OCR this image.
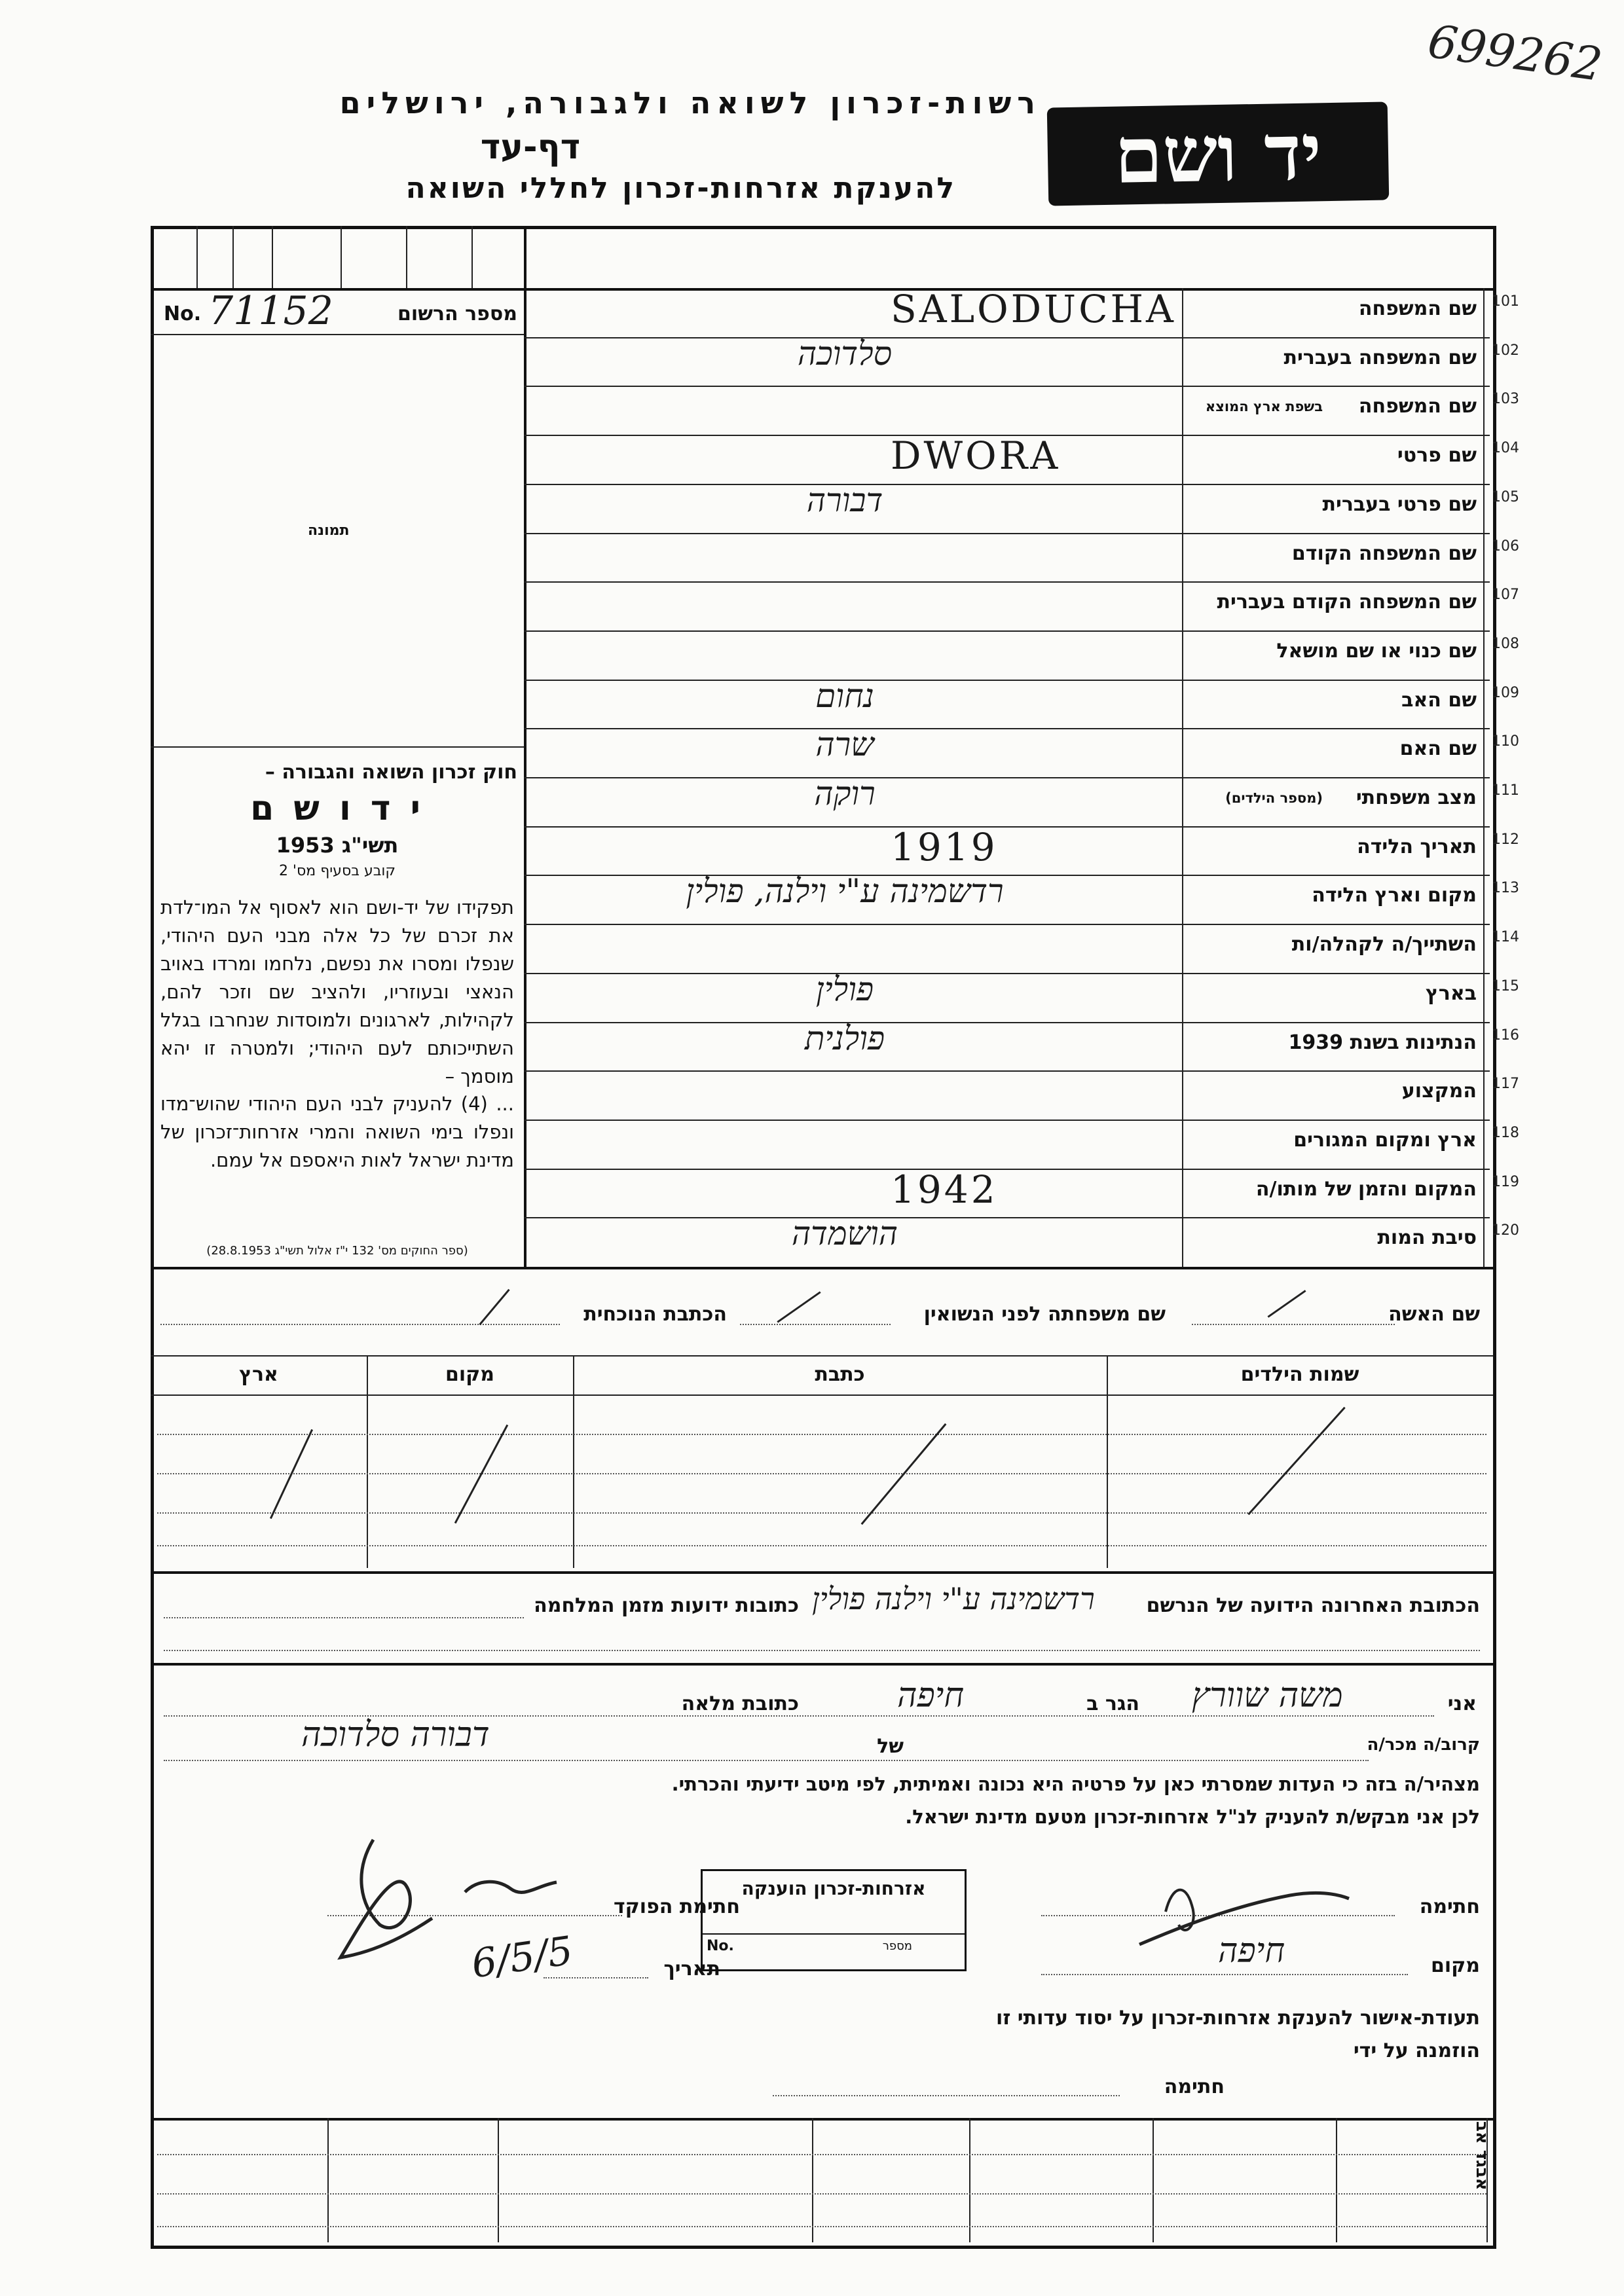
699262
רשות-זכרון לשואה ולגבורה, ירושלים
דף-עד
להענקת אזרחות-זכרון לחללי השואה	יד ושם
No. 71152	מספר הרשום
תמונה
חוק זכרון השואה והגבורה –
י ד ו ש ם
תשי"ג 1953
קובע בסעיף מס' 2
תפקידו של יד-ושם הוא לאסוף אל המו־לדת את זכרם של כל אלה מבני העם היהודי, שנפלו ומסרו את נפשם, נלחמו ומרדו באויב הנאצי ובעוזריו, ולהציב שם וזכר להם, לקהילות, לארגונים ולמוסדות שנחרבו בגלל השתייכותם לעם היהודי; ולמטרה זו יהא מוסמך –
... (4) להעניק לבני העם היהודי שהוש־מדו ונפלו בימי השואה והמרי אזרחות־זכרון של מדינת ישראל לאות היאספם אל עמם.
(ספר החוקים מס' 132 י"ז אלול תשי"ג 28.8.1953)
שם המשפחה 101
SALODUCHA
שם המשפחה בעברית 102
סלדוכה
שם המשפחה
בשפת ארץ המוצא	103
שם פרטי 104
DWORA
שם פרטי בעברית 105
דבורה
שם המשפחה הקודם 106
שם המשפחה הקודם בעברית 107
שם כנוי או שם מושאל 108
שם האב 109
נחום
שם האם 110
שרה
מצב משפחתי
(מספר הילדים)	111
רוקה
תאריך הלידה 112
1919
מקום וארץ הלידה 113
רדשמינה ע"י וילנה, פולין
השתייך/ה לקהלה/ות 114
בארץ 115
פולין
הנתינות בשנת 1939 116
פולנית
המקצוע 117
ארץ ומקום המגורים 118
המקום והזמן של מותו/ה 119
1942
סיבת המות 120
הושמדה
שם האשה
שם משפחתה לפני הנשואין
הכתבת הנוכחית
שמות הילדים
כתבת
מקום
ארץ
הכתובת האחרונה הידועה של הנרשם
רדשמינה ע"י וילנה פולין
כתובות ידועות מזמן המלחמה
אני
משה שוורץ
הגר ב
חיפה
כתובת מלאה
קרוב/ה מכר/ה
של
דבורה סלדוכה
מצהיר/ה בזה כי העדות שמסרתי כאן על פרטיה היא נכונה ואמיתית, לפי מיטב ידיעתי והכרתי.
לכן אני מבקש/ת להעניק לנ"ל אזרחות-זכרון מטעם מדינת ישראל.
חתימה
מקום
חיפה
חתימת הפוקד
תאריך
6/5/5
אזרחות-זכרון הוענקה
No.	מספר
תעודת-אישור להענקת אזרחות-זכרון על יסוד עדותי זו
הוזמנה על ידי
חתימה
אבגד אב
